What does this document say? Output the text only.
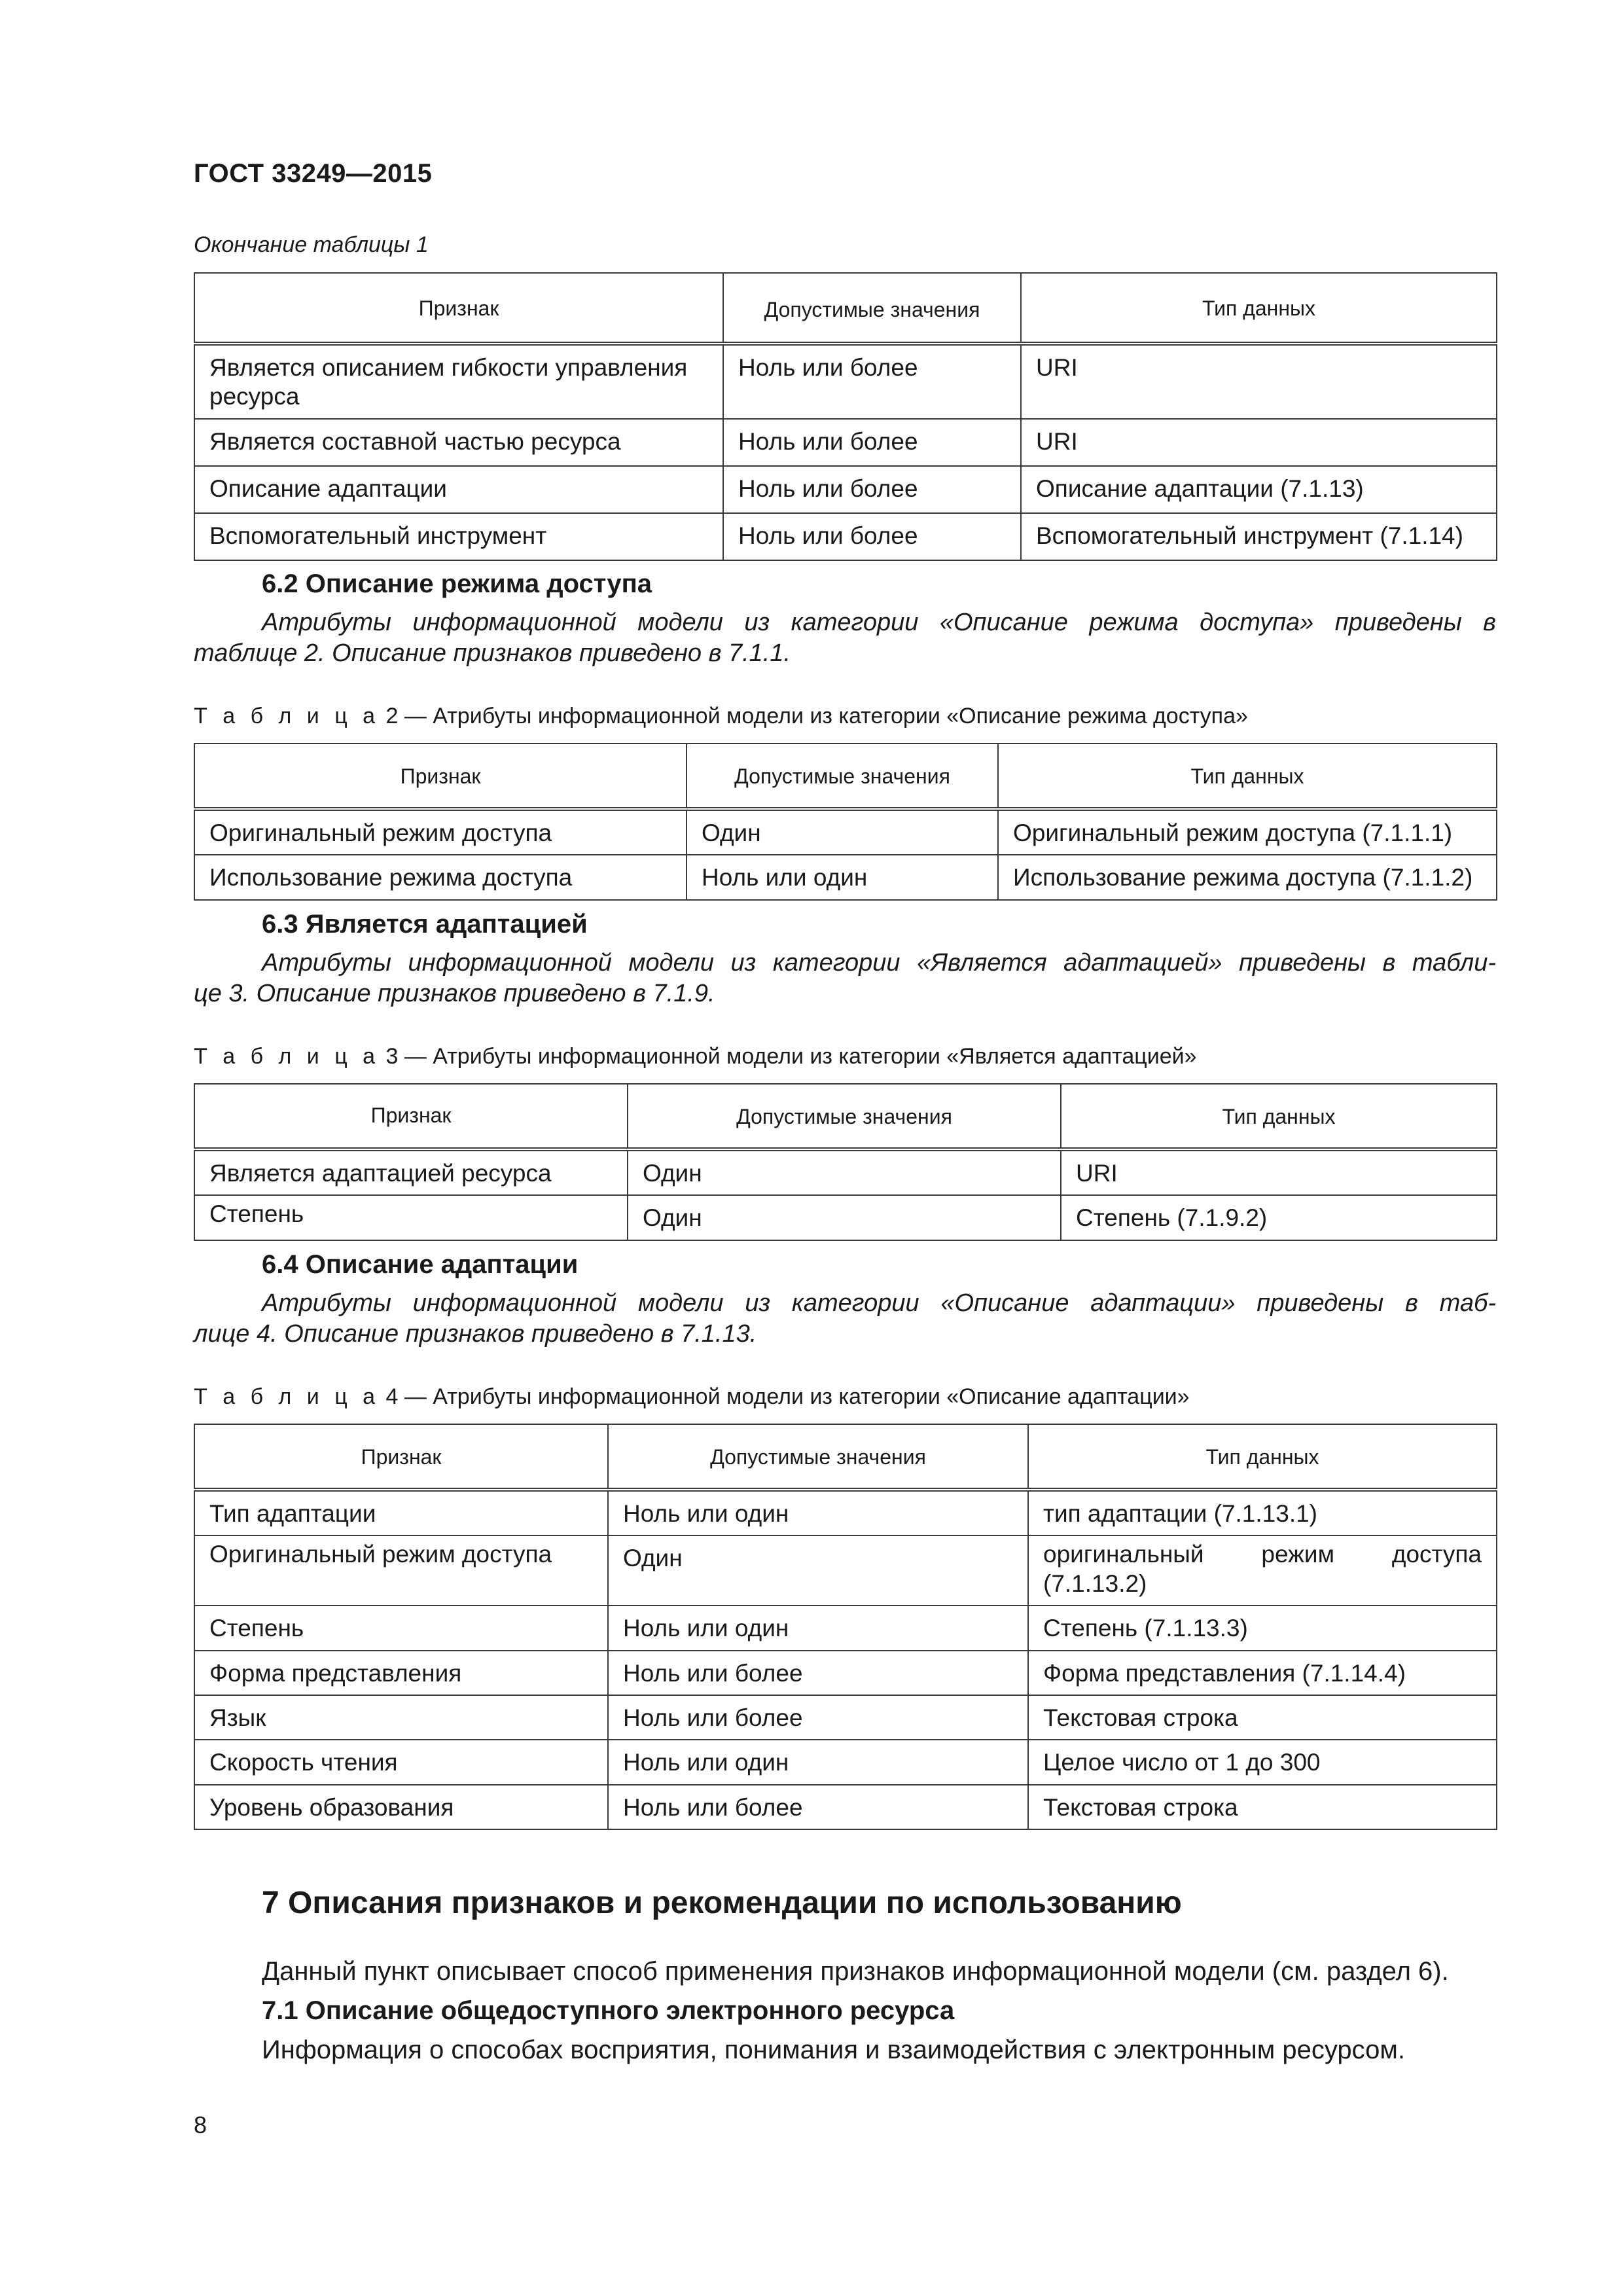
ГОСТ 33249—2015
Окончание таблицы 1
Признак	Допустимые значения	Тип данных
Является описанием гибкости управления ресурса	Ноль или более	URI
Является составной частью ресурса	Ноль или более	URI
Описание адаптации	Ноль или более	Описание адаптации (7.1.13)
Вспомогательный инструмент	Ноль или более	Вспомогательный инструмент (7.1.14)
6.2 Описание режима доступа
Атрибуты информационной модели из категории «Описание режима доступа» приведены в
таблице 2. Описание признаков приведено в 7.1.1.
Т а б л и ц а 2 — Атрибуты информационной модели из категории «Описание режима доступа»
Признак	Допустимые значения	Тип данных
Оригинальный режим доступа	Один	Оригинальный режим доступа (7.1.1.1)
Использование режима доступа	Ноль или один	Использование режима доступа (7.1.1.2)
6.3 Является адаптацией
Атрибуты информационной модели из категории «Является адаптацией» приведены в табли-
це 3. Описание признаков приведено в 7.1.9.
Т а б л и ц а 3 — Атрибуты информационной модели из категории «Является адаптацией»
Признак	Допустимые значения	Тип данных
Является адаптацией ресурса	Один	URI
Степень	Один	Степень (7.1.9.2)
6.4 Описание адаптации
Атрибуты информационной модели из категории «Описание адаптации» приведены в таб-
лице 4. Описание признаков приведено в 7.1.13.
Т а б л и ц а 4 — Атрибуты информационной модели из категории «Описание адаптации»
Признак	Допустимые значения	Тип данных
Тип адаптации	Ноль или один	тип адаптации (7.1.13.1)
Оригинальный режим доступа	Один	оригинальный режим доступа (7.1.13.2)

Степень	Ноль или один	Степень (7.1.13.3)
Форма представления	Ноль или более	Форма представления (7.1.14.4)
Язык	Ноль или более	Текстовая строка
Скорость чтения	Ноль или один	Целое число от 1 до 300
Уровень образования	Ноль или более	Текстовая строка
7 Описания признаков и рекомендации по использованию
Данный пункт описывает способ применения признаков информационной модели (см. раздел 6).
7.1 Описание общедоступного электронного ресурса
Информация о способах восприятия, понимания и взаимодействия с электронным ресурсом.
8
